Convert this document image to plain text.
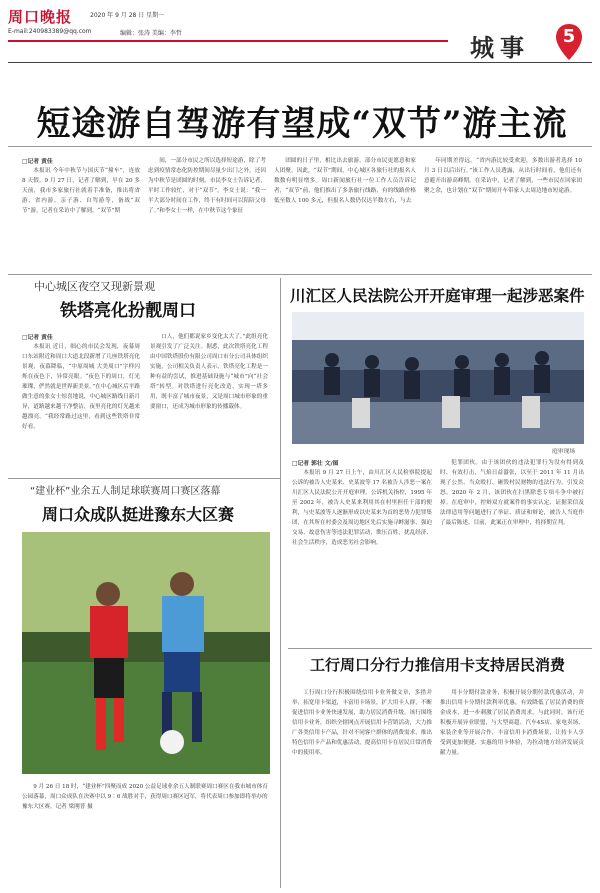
周口晚报	2020 年 9 月 28 日 星期一
E-mail:240983389@qq.com	编辑：张涛 美编：李哲	城事	5
短途游自驾游有望成“双节”游主流
□记者 黄佳
本报讯 今年中秋节与国庆节“撞车”，连放 8 天假。9 月 27 日，记者了解到，早在 20 多天前，我市多家旅行社就着手准备，推出将省游、省内游、亲子游、自驾游等，备战“双节”游。记者在采访中了解到，“双节”期
间，一部分市民之所以选择短途游，除了考虑到疫情常态化防控期间尽量少出门之外，还因为中秋节是团圆的时刻。市民李女士告诉记者，平时工作较忙，对于“双节”，李女士说：“我一半大部分时间在工作，终于有时间可以陪陪父母了。”和李女士一样，在中秋节这个象征
团圆的日子里，相比出去旅游，部分市民更愿意和家人团聚。因此，“双节”期间，中心城区各旅行社的报名人数数有明显增多。周口新闻旅行社一位工作人员告诉记者，“双节”前，他们推出了多条旅行线路，有的线路价格低至数人 100 多元，但报名人数仍仅达半数左右，与去
年同期差得远。“省内游比较受欢迎，多数出游者选择 10 月 3 日以后出行。”该工作人员透露，从出行时间看，他们还有意避开出游高峰期。在采访中，记者了解到，一些市民在回家团聚之余，也计划在“双节”期间开车带家人去周边地市短途游。
中心城区夜空又现新景观
铁塔亮化扮靓周口
□记者 黄佳
本报讯 近日，细心的市民会发现，夜幕周口东站附近和周口大道北段新增了几座铁塔亮化景观，夜幕降临，“中原周城 大美周口”字样闪烁在夜色下，异常亮眼。“夜色下的周口，灯光璀璨，俨然就是世界新美景。”在中心城区后平路做生意的张女士惊喜地说，中心城区路线日新月异，道路越来越干净整洁，夜里亮化的灯光越来越漂亮。“我经常路过这里，看到这些铁塔非常好看。
口人，他们都说家乡变化太大了。”此组亮化景观引发了广泛关注。据悉，此次铁塔亮化工程由中国铁塔股份有限公司周口市分公司具体组织实施，公司相关负责人表示，铁塔亮化工程是一种有益的尝试，推进基础设施与“城市”向“社会塔”转型。对铁塔进行亮化改造，实现一塔多用，既丰富了城市夜景，又是周口城市形象的重要窗口，还成为城市形象的传播载体。
川汇区人民法院公开开庭审理一起涉恶案件
庭审现场
□记者 郭壮 文/图
本报讯 9 月 27 日上午，由川汇区人民检察院提起公诉的被告人史某来、史某波等 17 名被告人涉恶一案在川汇区人民法院公开开庭审理。公诉机关指控，1995 年至 2002 年，被告人史某来利用其在村里担任干部的便利，与史某波等人逐渐形成以史某来为首的恶势力犯罪集团，在其所在村委会及周边地区先后实施寻衅滋事、强迫交易、故意伤害等违法犯罪活动，欺压百姓，扰乱经济、社会生活秩序，造成恶劣社会影响。
犯罪团伙。由于该团伙的违法犯罪行为没有得到及时、有效打击，气焰日益嚣张，以至于 2011 年 11 月出现了公然、当众殴打、砸毁村民财物的违法行为，引发众怒。2020 年 2 月，该团伙在扫黑除恶专项斗争中被打掉。在庭审中，控辩双方就案件的事实认定、证据采信及法律适用等问题进行了举证、质证和辩论，被告人当庭作了最后陈述。目前，此案正在审理中，将择期宣判。
“建业杯”业余五人制足球联赛周口赛区落幕
周口众成队挺进豫东大区赛
9 月 26 日 18 时，“建业杯”四聚而成 2020 公益足球业余五人制联赛周口赛区在我市城市体育公园落幕，周口众成队在决赛中以 9∶6 战胜对手，获得周口赛区冠军，将代表周口参加即将举办的豫东大区赛。记者 梁刚普 摄
工行周口分行力推信用卡支持居民消费
工行周口分行积极围绕信用卡业务做文章，多措并举，拓宽用卡渠道，丰富用卡场景，扩大用卡人群，不断促进信用卡业务快速发展，助力居民消费升级。该行围绕信用卡业务，组织全辖网点开展信用卡营销活动，大力推广各类信用卡产品，针对不同客户群体的消费需求，推出特色信用卡产品和优惠活动，提高信用卡在居民日常消费中的使用率。
用卡分期付款业务，积极开展分期付款优惠活动，并推出信用卡分期付款利率优惠，有效降低了居民消费的资金成本，进一步刺激了居民消费需求。与此同时，该行还积极开展异业联盟，与大型商超、汽车4S店、家电卖场、家装企业等开展合作，丰富信用卡消费场景，让持卡人享受到更加便捷、实惠的用卡体验，为拉动地方经济发展贡献力量。
